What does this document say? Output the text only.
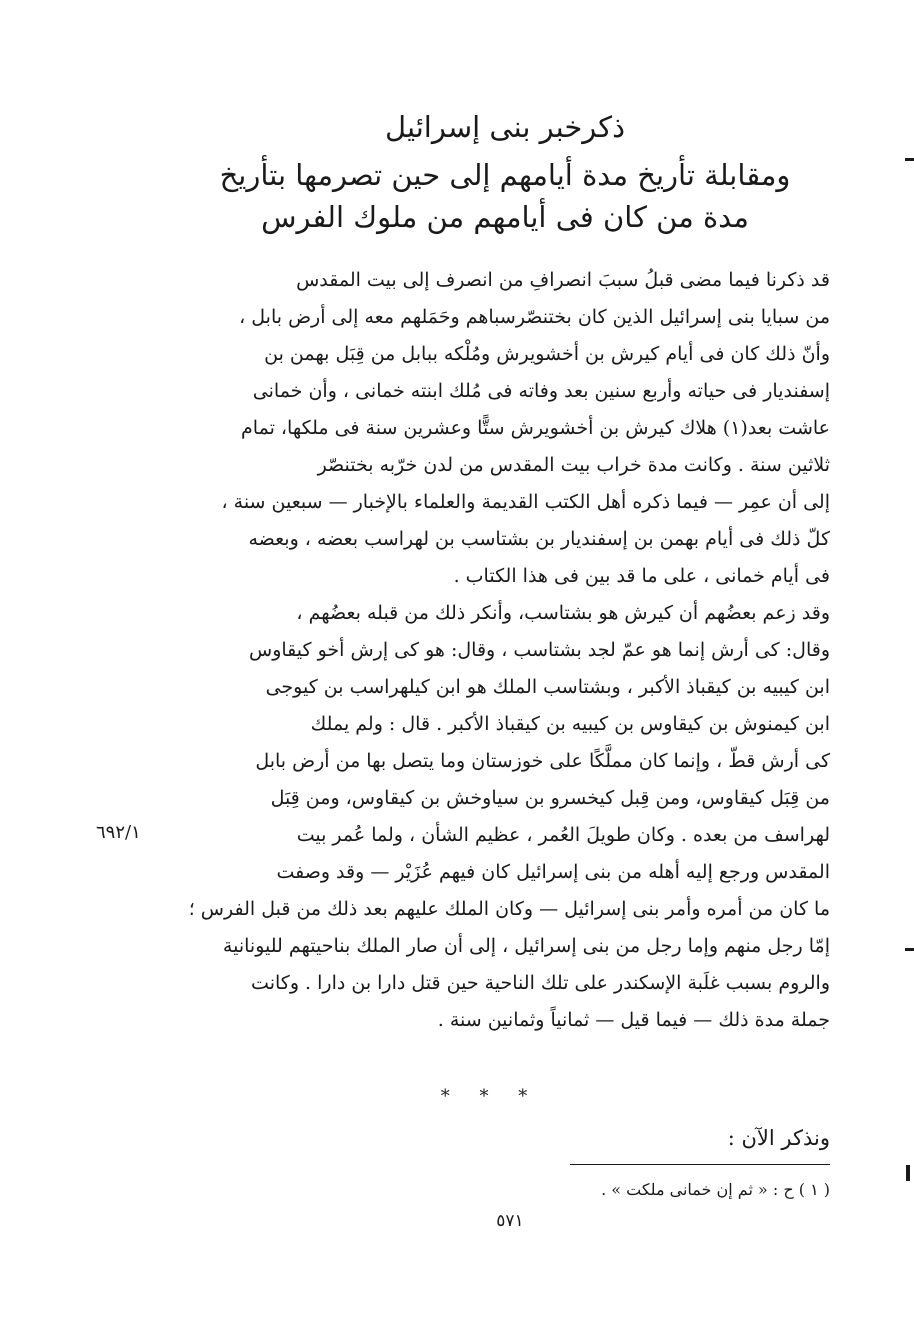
ذكرخبر بنى إسرائيل
ومقابلة تأريخ مدة أيامهم إلى حين تصرمها بتأريخ
مدة من كان فى أيامهم من ملوك الفرس
قد ذكرنا فيما مضى قبلُ سببَ انصرافِ من انصرف إلى بيت المقدس
من سبايا بنى إسرائيل الذين كان بختنصّرسباهم وحَمَلهم معه إلى أرض بابل ،
وأنّ ذلك كان فى أيام كيرش بن أخشويرش ومُلْكه ببابل من قِبَل بهمن بن
إسفنديار فى حياته وأربع سنين بعد وفاته فى مُلك ابنته خمانى ، وأن خمانى
عاشت بعد(١) هلاك كيرش بن أخشويرش ستًّا وعشرين سنة فى ملكها، تمام
ثلاثين سنة . وكانت مدة خراب بيت المقدس من لدن خرّبه بختنصّر
إلى أن عمِر — فيما ذكره أهل الكتب القديمة والعلماء بالإخبار — سبعين سنة ،
كلّ ذلك فى أيام بهمن بن إسفنديار بن بشتاسب بن لهراسب بعضه ، وبعضه
فى أيام خمانى ، على ما قد بين فى هذا الكتاب .
وقد زعم بعضُهم أن كيرش هو بشتاسب، وأنكر ذلك من قبله بعضُهم ،
وقال: كى أرش إنما هو عمّ لجد بشتاسب ، وقال: هو كى إرش أخو كيقاوس
ابن كيبيه بن كيقباذ الأكبر ، وبشتاسب الملك هو ابن كيلهراسب بن كيوجى
ابن كيمنوش بن كيقاوس بن كيبيه بن كيقباذ الأكبر . قال : ولم يملك
كى أرش قطّ ، وإنما كان مملَّكًا على خوزستان وما يتصل بها من أرض بابل
من قِبَل كيقاوس، ومن قِبل كيخسرو بن سياوخش بن كيقاوس، ومن قِبَل
لهراسف من بعده . وكان طويلَ العُمر ، عظيم الشأن ، ولما عُمر بيت
المقدس ورجع إليه أهله من بنى إسرائيل كان فيهم عُزَيْر — وقد وصفت
ما كان من أمره وأمر بنى إسرائيل — وكان الملك عليهم بعد ذلك من قبل الفرس ؛
إمّا رجل منهم وإما رجل من بنى إسرائيل ، إلى أن صار الملك بناحيتهم لليونانية
والروم بسبب غلَبة الإسكندر على تلك الناحية حين قتل دارا بن دارا . وكانت
جملة مدة ذلك — فيما قيل — ثمانياً وثمانين سنة .
٦٩٢/١
* * *
ونذكر الآن :
( ١ ) ح : « ثم إن خمانى ملكت » .
٥٧١
